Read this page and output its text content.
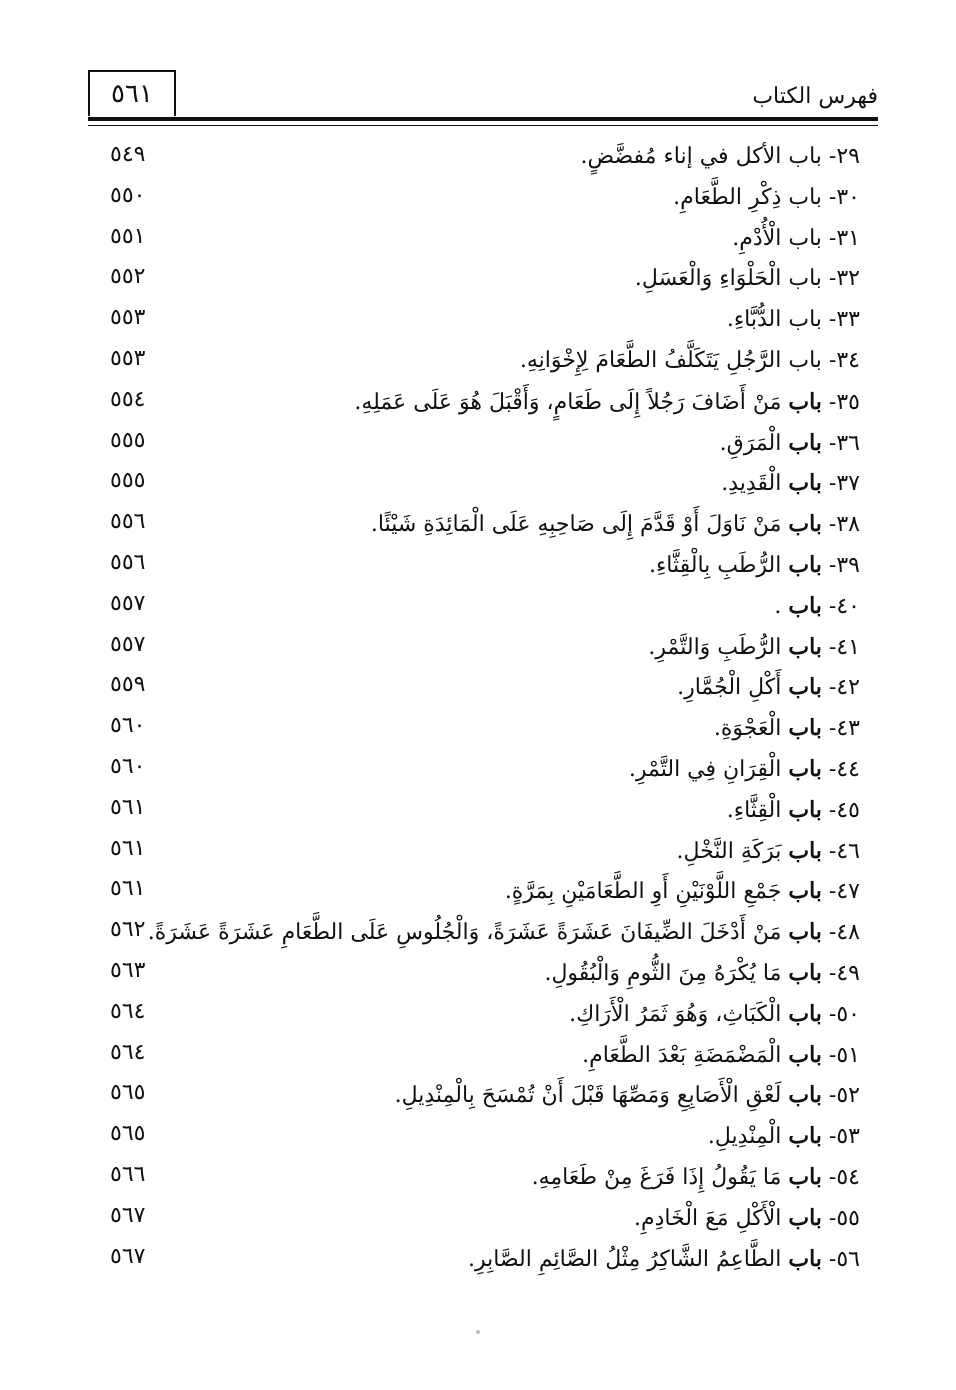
٥٦١	فهرس الكتاب
٢٩- باب الأكل في إناء مُفضَّضٍ.
٥٤٩
٣٠- باب ذِكْرِ الطَّعَامِ.
٥٥٠
٣١- باب الْأُدْمِ.
٥٥١
٣٢- باب الْحَلْوَاءِ وَالْعَسَلِ.
٥٥٢
٣٣- باب الدُّبَّاءِ.
٥٥٣
٣٤- باب الرَّجُلِ يَتَكَلَّفُ الطَّعَامَ لِإِخْوَانِهِ.
٥٥٣
٣٥- باب مَنْ أَضَافَ رَجُلاً إِلَى طَعَامٍ، وَأَقْبَلَ هُوَ عَلَى عَمَلِهِ.
٥٥٤
٣٦- باب الْمَرَقِ.
٥٥٥
٣٧- باب الْقَدِيدِ.
٥٥٥
٣٨- باب مَنْ نَاوَلَ أَوْ قَدَّمَ إِلَى صَاحِبِهِ عَلَى الْمَائِدَةِ شَيْئًا.
٥٥٦
٣٩- باب الرُّطَبِ بِالْقِثَّاءِ.
٥٥٦
٤٠- باب .
٥٥٧
٤١- باب الرُّطَبِ وَالتَّمْرِ.
٥٥٧
٤٢- باب أَكْلِ الْجُمَّارِ.
٥٥٩
٤٣- باب الْعَجْوَةِ.
٥٦٠
٤٤- باب الْقِرَانِ فِي التَّمْرِ.
٥٦٠
٤٥- باب الْقِثَّاءِ.
٥٦١
٤٦- باب بَرَكَةِ النَّخْلِ.
٥٦١
٤٧- باب جَمْعِ اللَّوْنَيْنِ أَوِ الطَّعَامَيْنِ بِمَرَّةٍ.
٥٦١
٤٨- باب مَنْ أَدْخَلَ الضِّيفَانَ عَشَرَةً عَشَرَةً، وَالْجُلُوسِ عَلَى الطَّعَامِ عَشَرَةً عَشَرَةً.
٥٦٢
٤٩- باب مَا يُكْرَهُ مِنَ الثُّومِ وَالْبُقُولِ.
٥٦٣
٥٠- باب الْكَبَاثِ، وَهُوَ ثَمَرُ الْأَرَاكِ.
٥٦٤
٥١- باب الْمَضْمَضَةِ بَعْدَ الطَّعَامِ.
٥٦٤
٥٢- باب لَعْقِ الْأَصَابِعِ وَمَصِّهَا قَبْلَ أَنْ تُمْسَحَ بِالْمِنْدِيلِ.
٥٦٥
٥٣- باب الْمِنْدِيلِ.
٥٦٥
٥٤- باب مَا يَقُولُ إِذَا فَرَغَ مِنْ طَعَامِهِ.
٥٦٦
٥٥- باب الْأَكْلِ مَعَ الْخَادِمِ.
٥٦٧
٥٦- باب الطَّاعِمُ الشَّاكِرُ مِثْلُ الصَّائِمِ الصَّابِرِ.
٥٦٧
